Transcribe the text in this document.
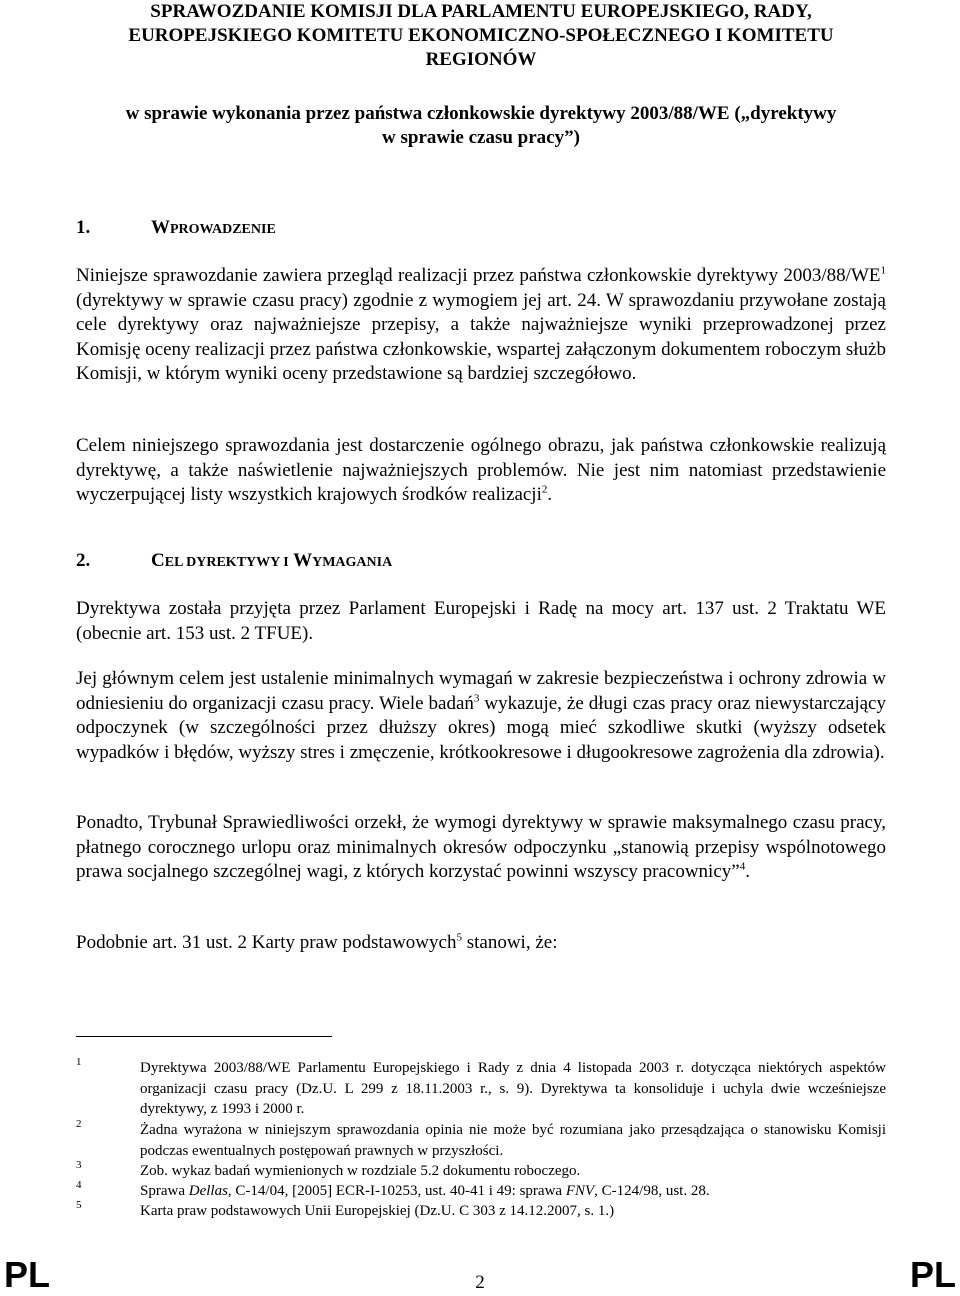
SPRAWOZDANIE KOMISJI DLA PARLAMENTU EUROPEJSKIEGO, RADY,

EUROPEJSKIEGO KOMITETU EKONOMICZNO-SPOŁECZNEGO I KOMITETU

REGIONÓW

w sprawie wykonania przez państwa członkowskie dyrektywy 2003/88/WE („dyrektywy

w sprawie czasu pracy”)

1.	WPROWADZENIE

Niniejsze sprawozdanie zawiera przegląd realizacji przez państwa członkowskie dyrektywy $2003/88/WE^1$ (dyrektywy w sprawie czasu pracy) zgodnie z wymogiem jej art. 24. W sprawozdaniu przywołane zostają cele dyrektywy oraz najważniejsze przepisy, a także najważniejsze wyniki przeprowadzonej przez Komisję oceny realizacji przez państwa członkowskie, wspartej załączonym dokumentem roboczym służb Komisji, w którym wyniki oceny przedstawione są bardziej szczegółowo.

Celem niniejszego sprawozdania jest dostarczenie ogólnego obrazu, jak państwa członkowskie realizują dyrektywę, a także naświetlenie najważniejszych problemów. Nie jest nim natomiast przedstawienie wyczerpującej listy wszystkich krajowych środków realizacji$^2$.

2.	CEL DYREKTYWY I WYMAGANIA

Dyrektywa została przyjęta przez Parlament Europejski i Radę na mocy art. 137 ust. 2 Traktatu WE (obecnie art. 153 ust. 2 TFUE).

Jej głównym celem jest ustalenie minimalnych wymagań w zakresie bezpieczeństwa i ochrony zdrowia w odniesieniu do organizacji czasu pracy. Wiele badań$^3$ wykazuje, że długi czas pracy oraz niewystarczający odpoczynek (w szczególności przez dłuższy okres) mogą mieć szkodliwe skutki (wyższy odsetek wypadków i błędów, wyższy stres i zmęczenie, krótkookresowe i długookresowe zagrożenia dla zdrowia).

Ponadto, Trybunał Sprawiedliwości orzekł, że wymogi dyrektywy w sprawie maksymalnego czasu pracy, płatnego corocznego urlopu oraz minimalnych okresów odpoczynku „stanowią przepisy wspólnotowego prawa socjalnego szczególnej wagi, z których korzystać powinni wszyscy pracownicy”$^4$.

Podobnie art. 31 ust. 2 Karty praw podstawowych$^5$ stanowi, że:

1	Dyrektywa 2003/88/WE Parlamentu Europejskiego i Rady z dnia 4 listopada 2003 r. dotycząca niektórych aspektów organizacji czasu pracy (Dz.U. L 299 z 18.11.2003 r., s. 9). Dyrektywa ta konsoliduje i uchyla dwie wcześniejsze dyrektywy, z 1993 i 2000 r.
2	Żadna wyrażona w niniejszym sprawozdania opinia nie może być rozumiana jako przesądzająca o stanowisku Komisji podczas ewentualnych postępowań prawnych w przyszłości.
3	Zob. wykaz badań wymienionych w rozdziale 5.2 dokumentu roboczego.
4	Sprawa Dellas, C-14/04, [2005] ECR-I-10253, ust. 40-41 i 49: sprawa FNV, C-124/98, ust. 28.
5	Karta praw podstawowych Unii Europejskiej (Dz.U. C 303 z 14.12.2007, s. 1.)
PL	2	PL
